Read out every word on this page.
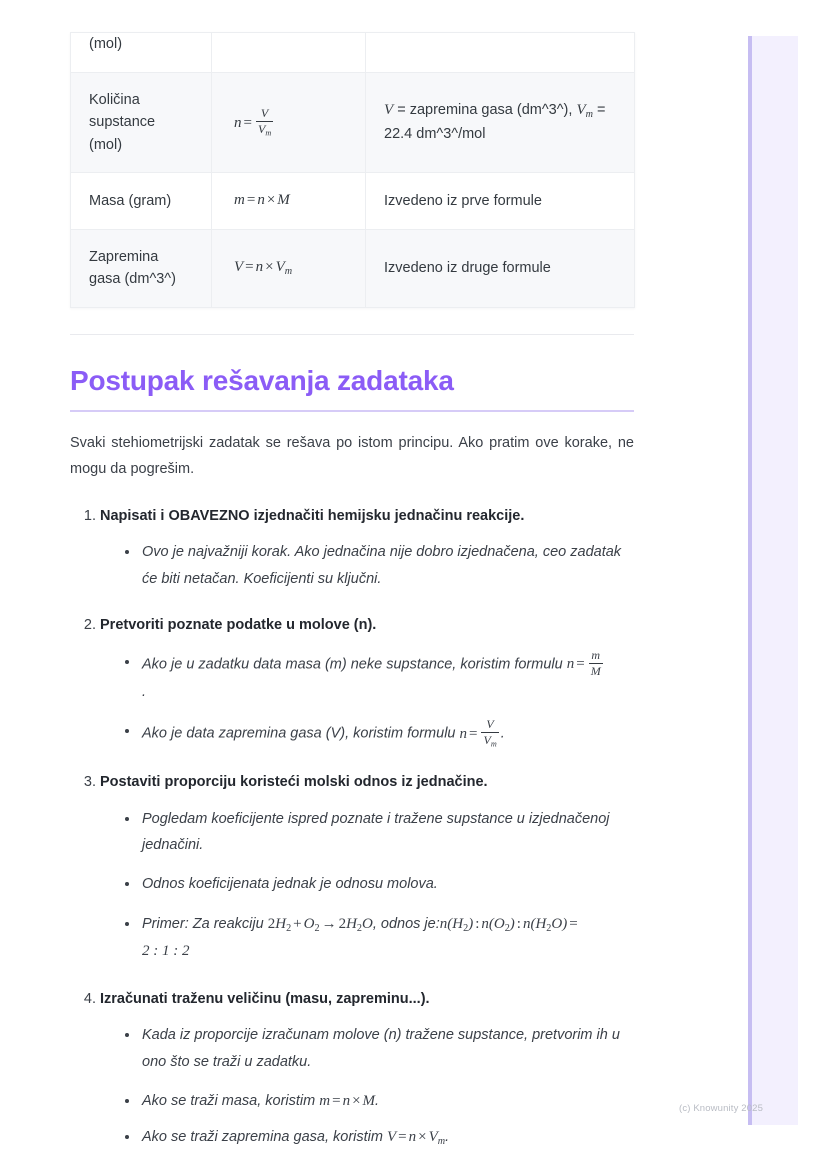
(mol)		
Količina
supstance
(mol)	$n = \frac{V}{V_m}$	V = zapremina gasa (dm^3^), $V_m = 22.4$ dm^3^/mol
Masa (gram)	m = n × M	Izvedeno iz prve formule
Zapremina
gasa (dm^3^)	$V = n \times V_m$	Izvedeno iz druge formule
Postupak rešavanja zadataka

Svaki stehiometrijski zadatak se rešava po istom principu. Ako pratim ove korake, ne mogu da pogrešim.

1. Napisati i OBAVEZNO izjednačiti hemijsku jednačinu reakcije.
Ovo je najvažniji korak. Ako jednačina nije dobro izjednačena, ceo zadatak će biti netačan. Koeficijenti su ključni.
2. Pretvoriti poznate podatke u molove (n).
Ako je u zadatku data masa (m) neke supstance, koristim formulu $n = \frac{m}{M}$

.
Ako je data zapremina gasa (V), koristim formulu $n = \frac{V}{V_m}$ .
3. Postaviti proporciju koristeći molski odnos iz jednačine.
Pogledam koeficijente ispred poznate i tražene supstance u izjednačenoj jednačini.
Odnos koeficijenata jednak je odnosu molova.
Primer: Za reakciju $2H_2 + O_2 \to 2H_2O$, odnos $je:n(H_2)$ : $n(O_2)$ : $n(H_2O)$ =
2 : 1 : 2
4. Izračunati traženu veličinu (masu, zapreminu...).
Kada iz proporcije izračunam molove (n) tražene supstance, pretvorim ih u ono što se traži u zadatku.
Ako se traži masa, koristim m = n × M.
Ako se traži zapremina gasa, koristim $V = n \times V_m$.
(c) Knowunity 2025
